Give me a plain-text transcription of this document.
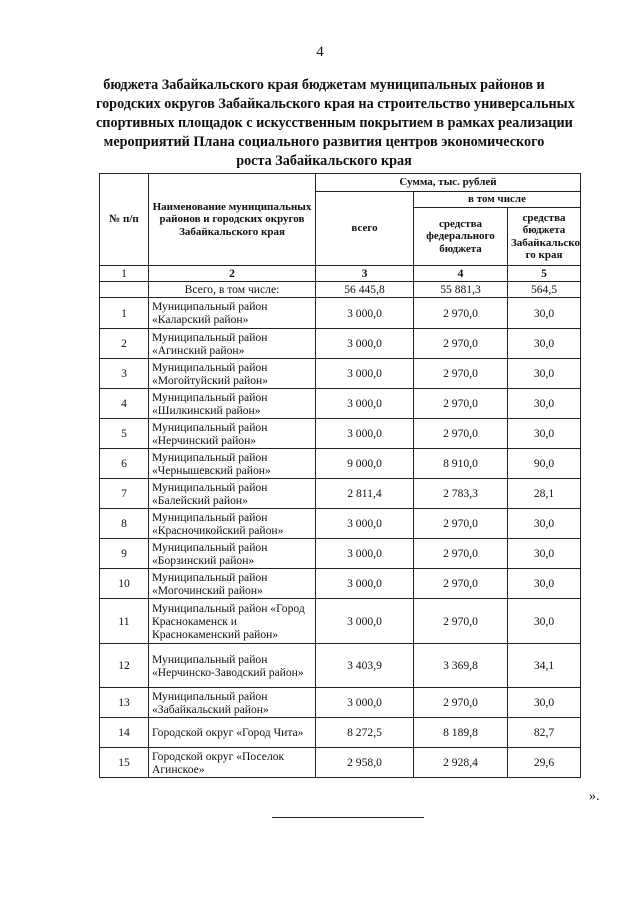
4
бюджета Забайкальского края бюджетам муниципальных районов и
городских округов Забайкальского края на строительство универсальных
спортивных площадок с искусственным покрытием в рамках реализации
мероприятий Плана социального развития центров экономического
роста Забайкальского края
№ п/п	Наименование муниципальных районов и городских округов Забайкальского края	Сумма, тыс. рублей		
		всего	в том числе	
			средства федерального бюджета	средства бюджета Забайкальско го края
1	2	3	4	5
	Всего, в том числе:	56 445,8	55 881,3	564,5
1	Муниципальный район «Каларский район»	3 000,0	2 970,0	30,0
2	Муниципальный район «Агинский район»	3 000,0	2 970,0	30,0
3	Муниципальный район «Могойтуйский район»	3 000,0	2 970,0	30,0
4	Муниципальный район «Шилкинский район»	3 000,0	2 970,0	30,0
5	Муниципальный район «Нерчинский район»	3 000,0	2 970,0	30,0
6	Муниципальный район «Чернышевский район»	9 000,0	8 910,0	90,0
7	Муниципальный район «Балейский район»	2 811,4	2 783,3	28,1
8	Муниципальный район «Красночикойский район»	3 000,0	2 970,0	30,0
9	Муниципальный район «Борзинский район»	3 000,0	2 970,0	30,0
10	Муниципальный район «Могочинский район»	3 000,0	2 970,0	30,0
11	Муниципальный район «Город Краснокаменск и Краснокаменский район»	3 000,0	2 970,0	30,0
12	Муниципальный район «Нерчинско-Заводский район»	3 403,9	3 369,8	34,1
13	Муниципальный район «Забайкальский район»	3 000,0	2 970,0	30,0
14	Городской округ «Город Чита»	8 272,5	8 189,8	82,7
15	Городской округ «Поселок Агинское»	2 958,0	2 928,4	29,6
».
